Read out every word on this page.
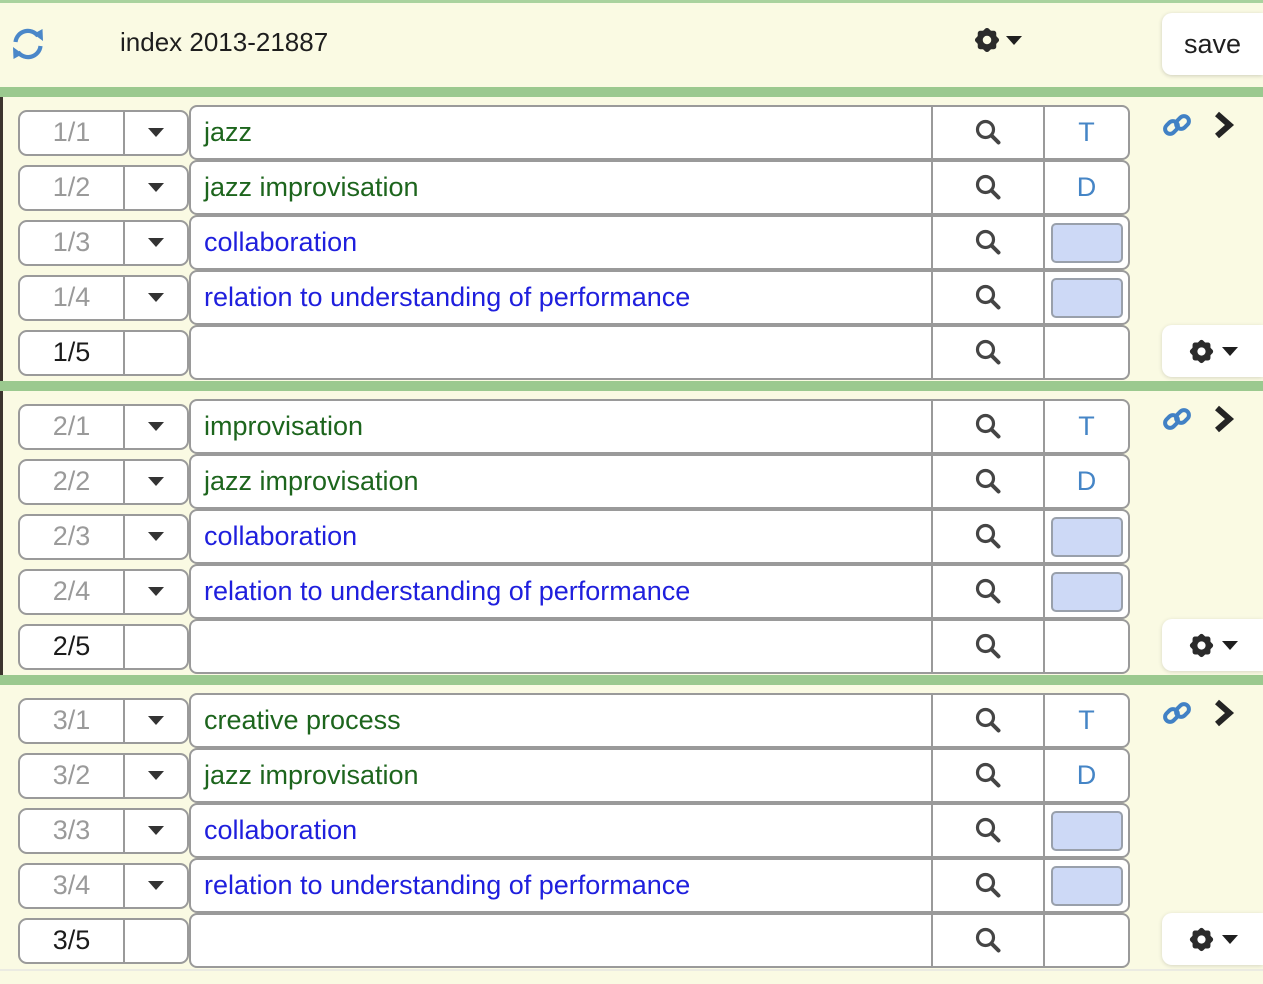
index 2013-21887	save
1/1	jazz	T
1/2	jazz improvisation	D
1/3	collaboration
1/4	relation to understanding of performance
1/5
2/1	improvisation	T
2/2	jazz improvisation	D
2/3	collaboration
2/4	relation to understanding of performance
2/5
3/1	creative process	T
3/2	jazz improvisation	D
3/3	collaboration
3/4	relation to understanding of performance
3/5
